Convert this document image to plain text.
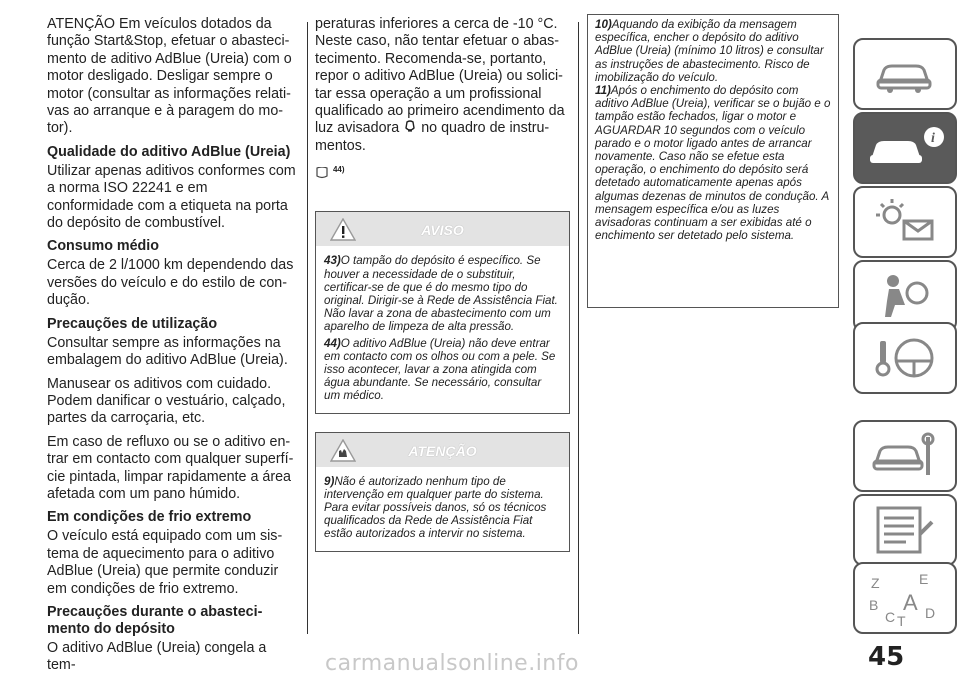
ATENÇÃO Em veículos dotados da função Start&Stop, efetuar o abasteci-mento de aditivo AdBlue (Ureia) com o motor desligado. Desligar sempre o motor (consultar as informações relati-vas ao arranque e à paragem do mo-tor).

Qualidade do aditivo AdBlue (Ureia)

Utilizar apenas aditivos conformes com a norma ISO 22241 e em conformidade com a etiqueta na porta do depósito de combustível.

Consumo médio

Cerca de 2 l/1000 km dependendo das versões do veículo e do estilo de con-dução.

Precauções de utilização

Consultar sempre as informações na embalagem do aditivo AdBlue (Ureia).

Manusear os aditivos com cuidado. Podem danificar o vestuário, calçado, partes da carroçaria, etc.

Em caso de refluxo ou se o aditivo en-trar em contacto com qualquer superfí-cie pintada, limpar rapidamente a área afetada com um pano húmido.

Em condições de frio extremo

O veículo está equipado com um sis-tema de aquecimento para o aditivo AdBlue (Ureia) que permite conduzir em condições de frio extremo.

Precauções durante o abasteci-mento do depósito

O aditivo AdBlue (Ureia) congela a tem-

peraturas inferiores a cerca de -10 °C. Neste caso, não tentar efetuar o abas-tecimento. Recomenda-se, portanto, repor o aditivo AdBlue (Ureia) ou solici-tar essa operação a um profissional qualificado ao primeiro acendimento da luz avisadora no quadro de instru-mentos.

$^{44)}$
AVISO
43)O tampão do depósito é específico. Se houver a necessidade de o substituir, certificar-se de que é do mesmo tipo do original. Dirigir-se à Rede de Assistência Fiat. Não lavar a zona de abastecimento com um aparelho de limpeza de alta pressão.
44)O aditivo AdBlue (Ureia) não deve entrar em contacto com os olhos ou com a pele. Se isso acontecer, lavar a zona atingida com água abundante. Se necessário, consultar um médico.
ATENÇÃO
9)Não é autorizado nenhum tipo de intervenção em qualquer parte do sistema. Para evitar possíveis danos, só os técnicos qualificados da Rede de Assistência Fiat estão autorizados a intervir no sistema.
10)Aquando da exibição da mensagem específica, encher o depósito do aditivo AdBlue (Ureia) (mínimo 10 litros) e consultar as instruções de abastecimento. Risco de imobilização do veículo.
11)Após o enchimento do depósito com aditivo AdBlue (Ureia), verificar se o bujão e o tampão estão fechados, ligar o motor e AGUARDAR 10 segundos com o veículo parado e o motor ligado antes de arrancar novamente. Caso não se efetue esta operação, o enchimento do depósito será detetado automaticamente apenas após algumas dezenas de minutos de condução. A mensagem específica e/ou as luzes avisadoras continuam a ser exibidas até o enchimento ser detetado pelo sistema.
i
Z	E
B A
C T D
45
carmanualsonline.info
